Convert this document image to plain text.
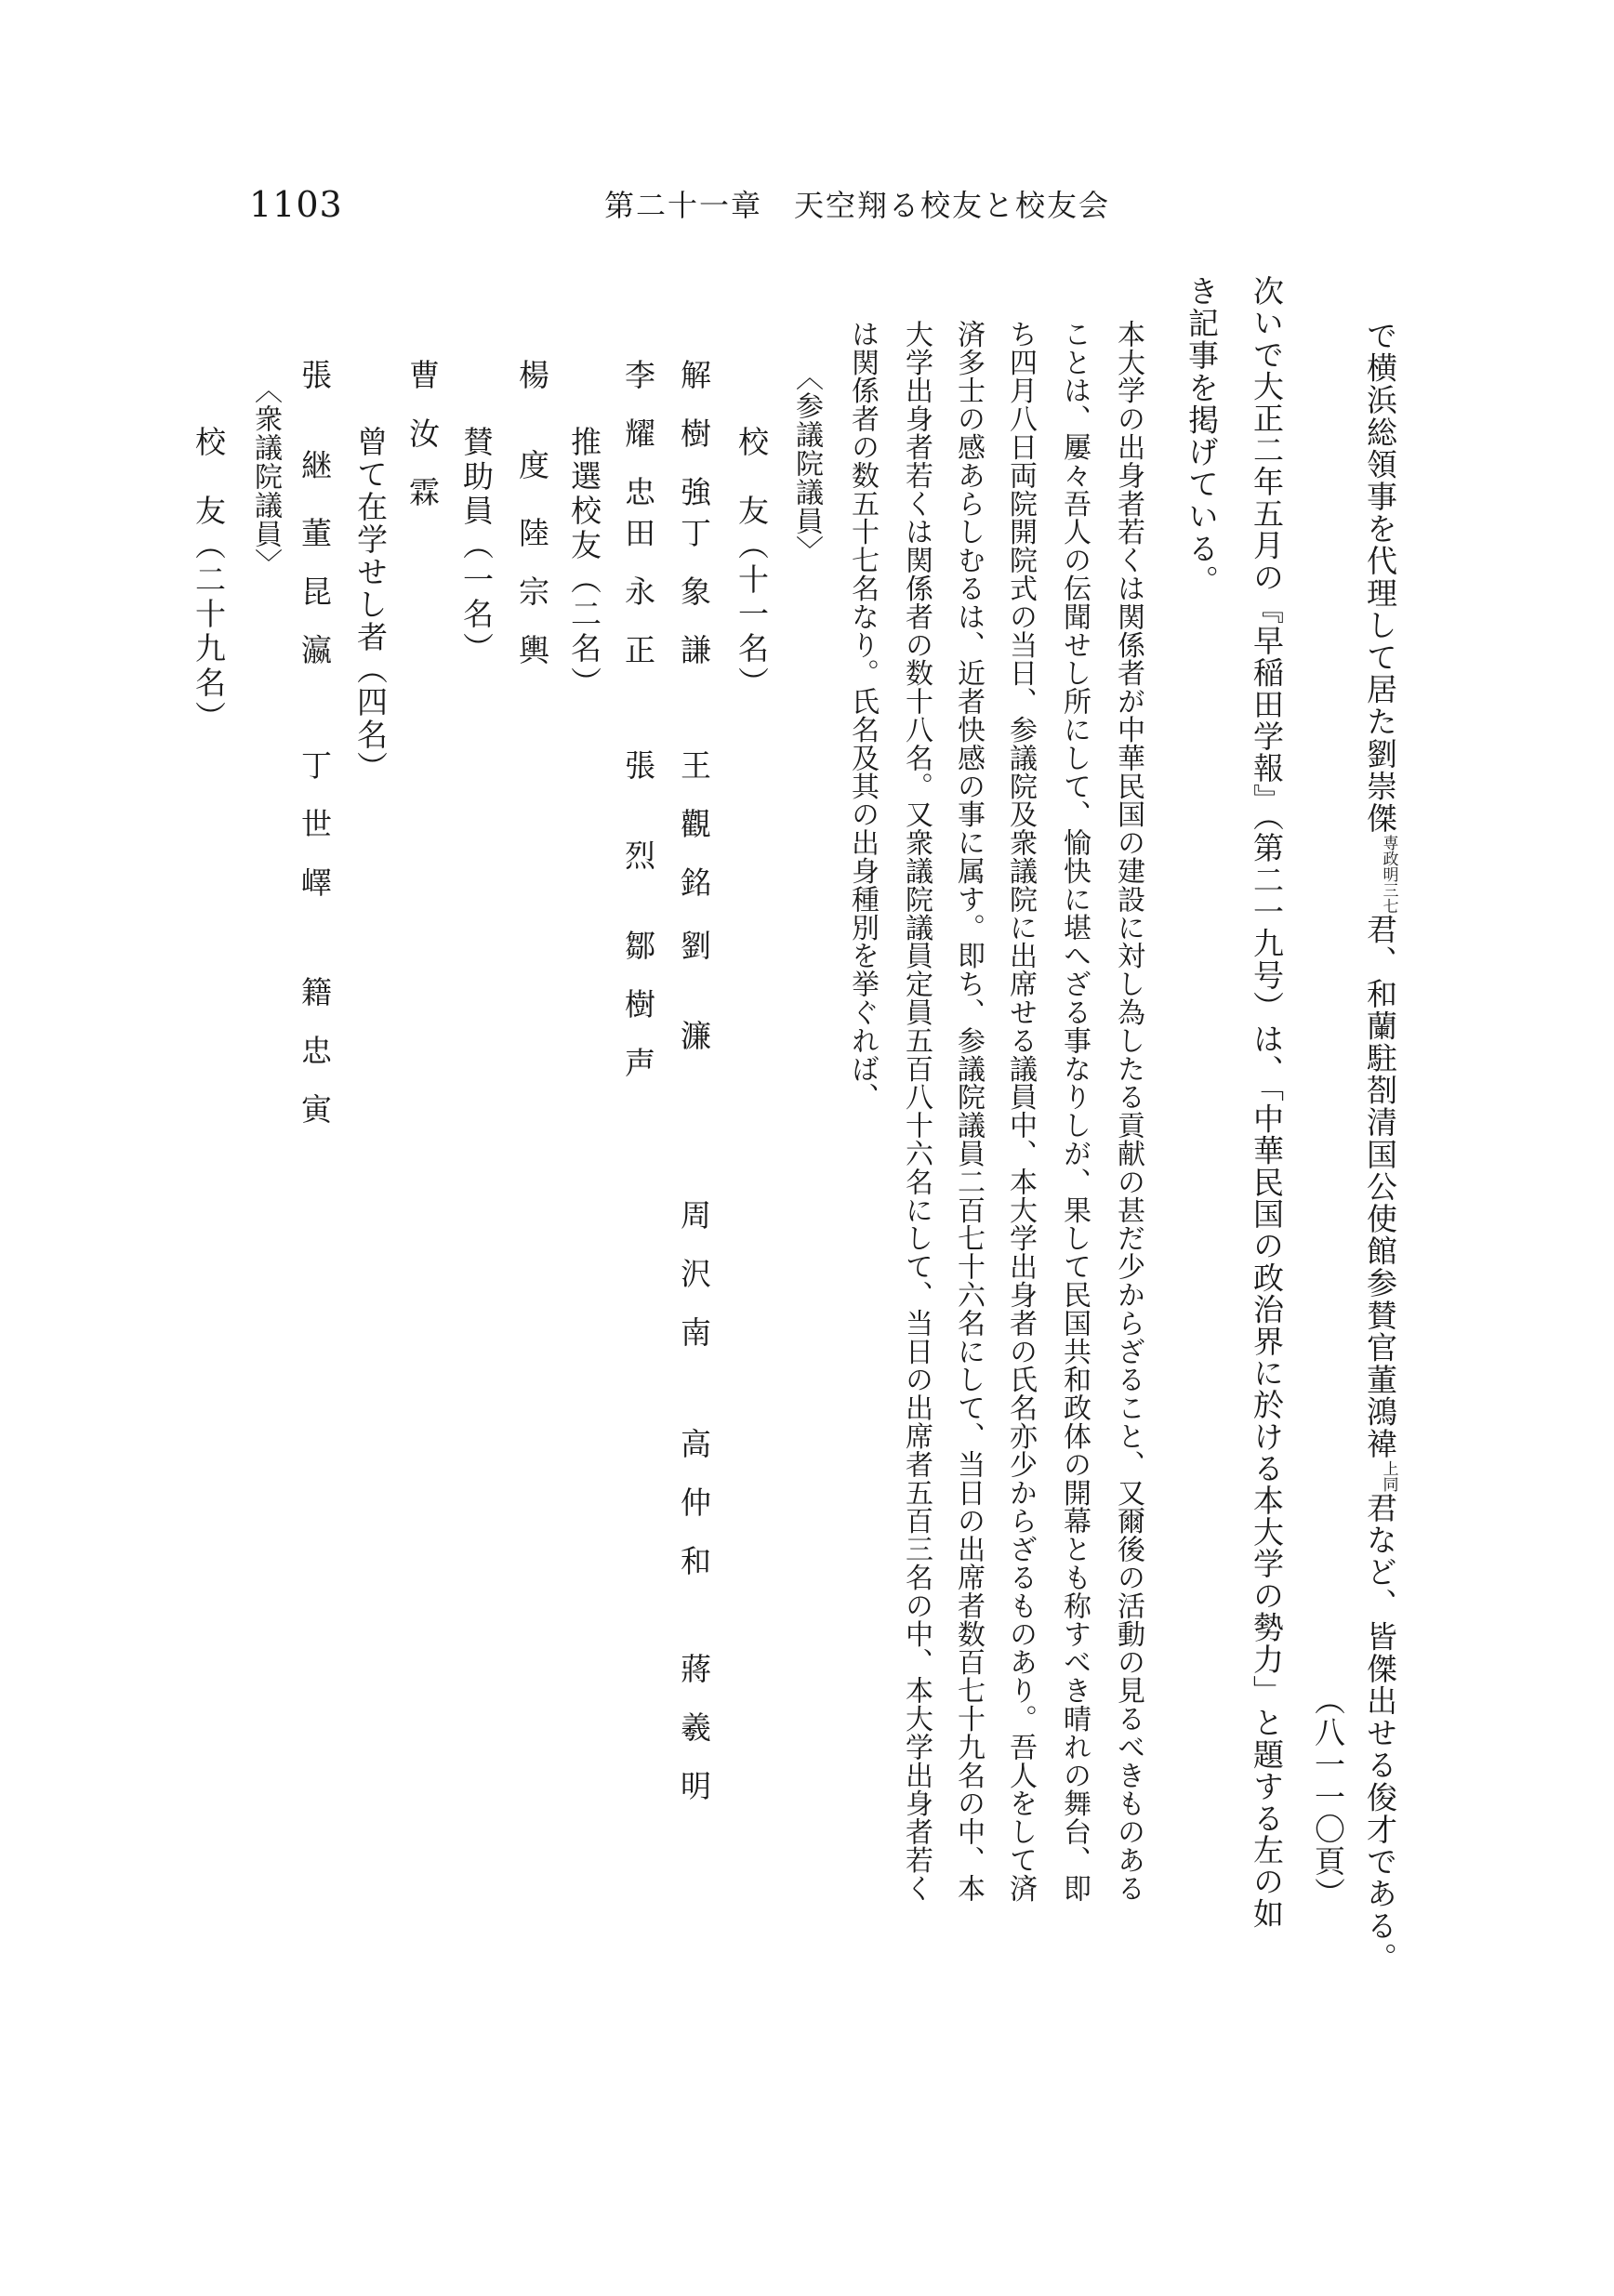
1103	第二十一章　天空翔る校友と校友会
で横浜総領事を代理して居た劉崇傑専政明三七君、和蘭駐剳清国公使館参賛官董鴻褘上同君など、皆傑出せる俊才である。
（八一一〇頁）
次いで大正二年五月の『早稲田学報』（第二一九号）は、「中華民国の政治界に於ける本大学の勢力」と題する左の如
き記事を掲げている。
本大学の出身者若くは関係者が中華民国の建設に対し為したる貢献の甚だ少からざること、又爾後の活動の見るべきものある
ことは、屢々吾人の伝聞せし所にして、愉快に堪へざる事なりしが、果して民国共和政体の開幕とも称すべき晴れの舞台、即
ち四月八日両院開院式の当日、参議院及衆議院に出席せる議員中、本大学出身者の氏名亦少からざるものあり。吾人をして済
済多士の感あらしむるは、近者快感の事に属す。即ち、参議院議員二百七十六名にして、当日の出席者数百七十九名の中、本
大学出身者若くは関係者の数十八名。又衆議院議員定員五百八十六名にして、当日の出席者五百三名の中、本大学出身者若く
は関係者の数五十七名なり。氏名及其の出身種別を挙ぐれば、
〈参議院議員〉
校　友（十一名）
解樹強
丁象謙
王觀銘
劉濂
周沢南
高仲和
蔣羲明
李耀忠
田永正
張烈
鄒樹声
推選校友（二名）
楊度
陸宗輿
賛助員（一名）
曹汝霖
曾て在学せし者（四名）
張継
董昆瀛
丁世嶧
籍忠寅
〈衆議院議員〉
校　友（二十九名）
